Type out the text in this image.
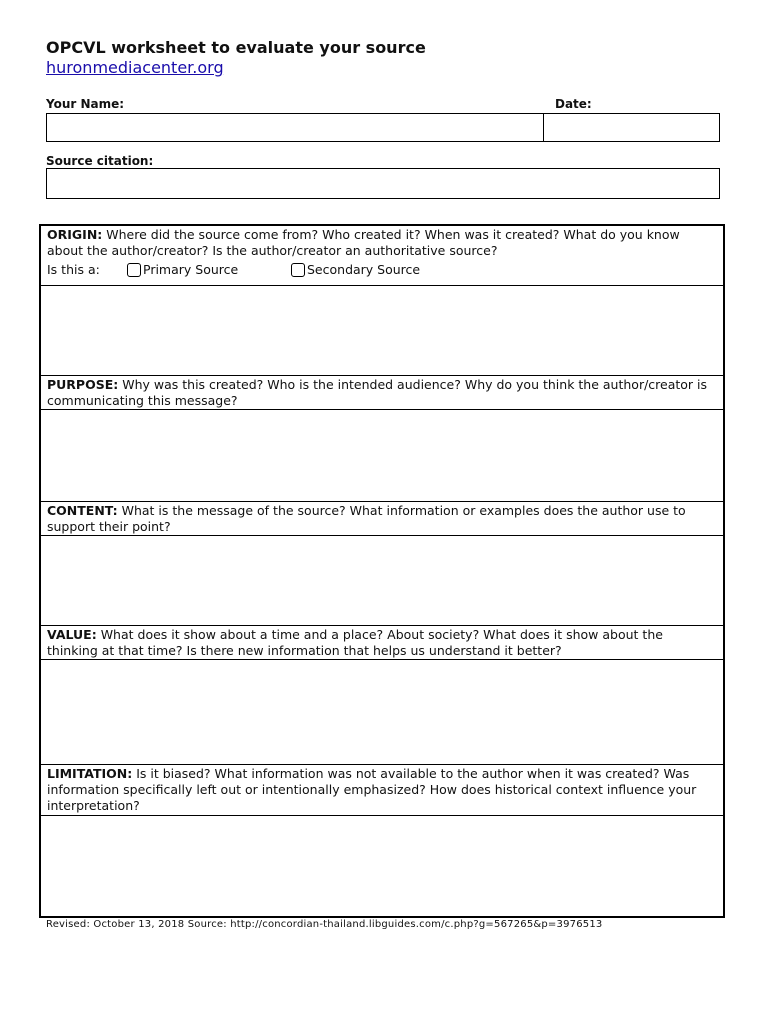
OPCVL worksheet to evaluate your source
huronmediacenter.org
Your Name:	Date:
Source citation:
ORIGIN: Where did the source come from? Who created it? When was it created? What do you know about the author/creator? Is the author/creator an authoritative source?
Is this a:	Primary Source	Secondary Source
PURPOSE: Why was this created? Who is the intended audience? Why do you think the author/creator is communicating this message?
CONTENT: What is the message of the source? What information or examples does the author use to support their point?
VALUE: What does it show about a time and a place? About society? What does it show about the thinking at that time? Is there new information that helps us understand it better?
LIMITATION: Is it biased? What information was not available to the author when it was created? Was information specifically left out or intentionally emphasized? How does historical context influence your interpretation?
Revised: October 13, 2018 Source: http://concordian-thailand.libguides.com/c.php?g=567265&p=3976513
